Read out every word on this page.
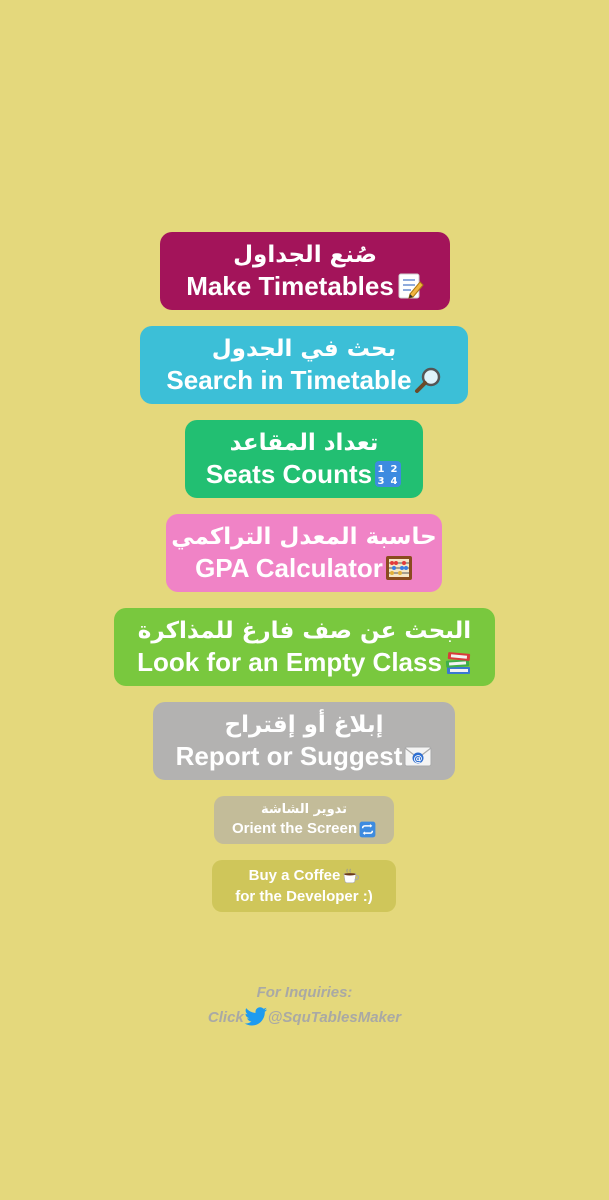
صُنع الجداول
Make Timetables
بحث في الجدول
Search in Timetable
تعداد المقاعد
Seats Counts 1 2
3 4
حاسبة المعدل التراكمي
GPA Calculator
البحث عن صف فارغ للمذاكرة
Look for an Empty Class
إبلاغ أو إقتراح
Report or Suggest @
تدوير الشاشة
Orient the Screen
Buy a Coffee
for the Developer :)
For Inquiries:
Click @SquTablesMaker
